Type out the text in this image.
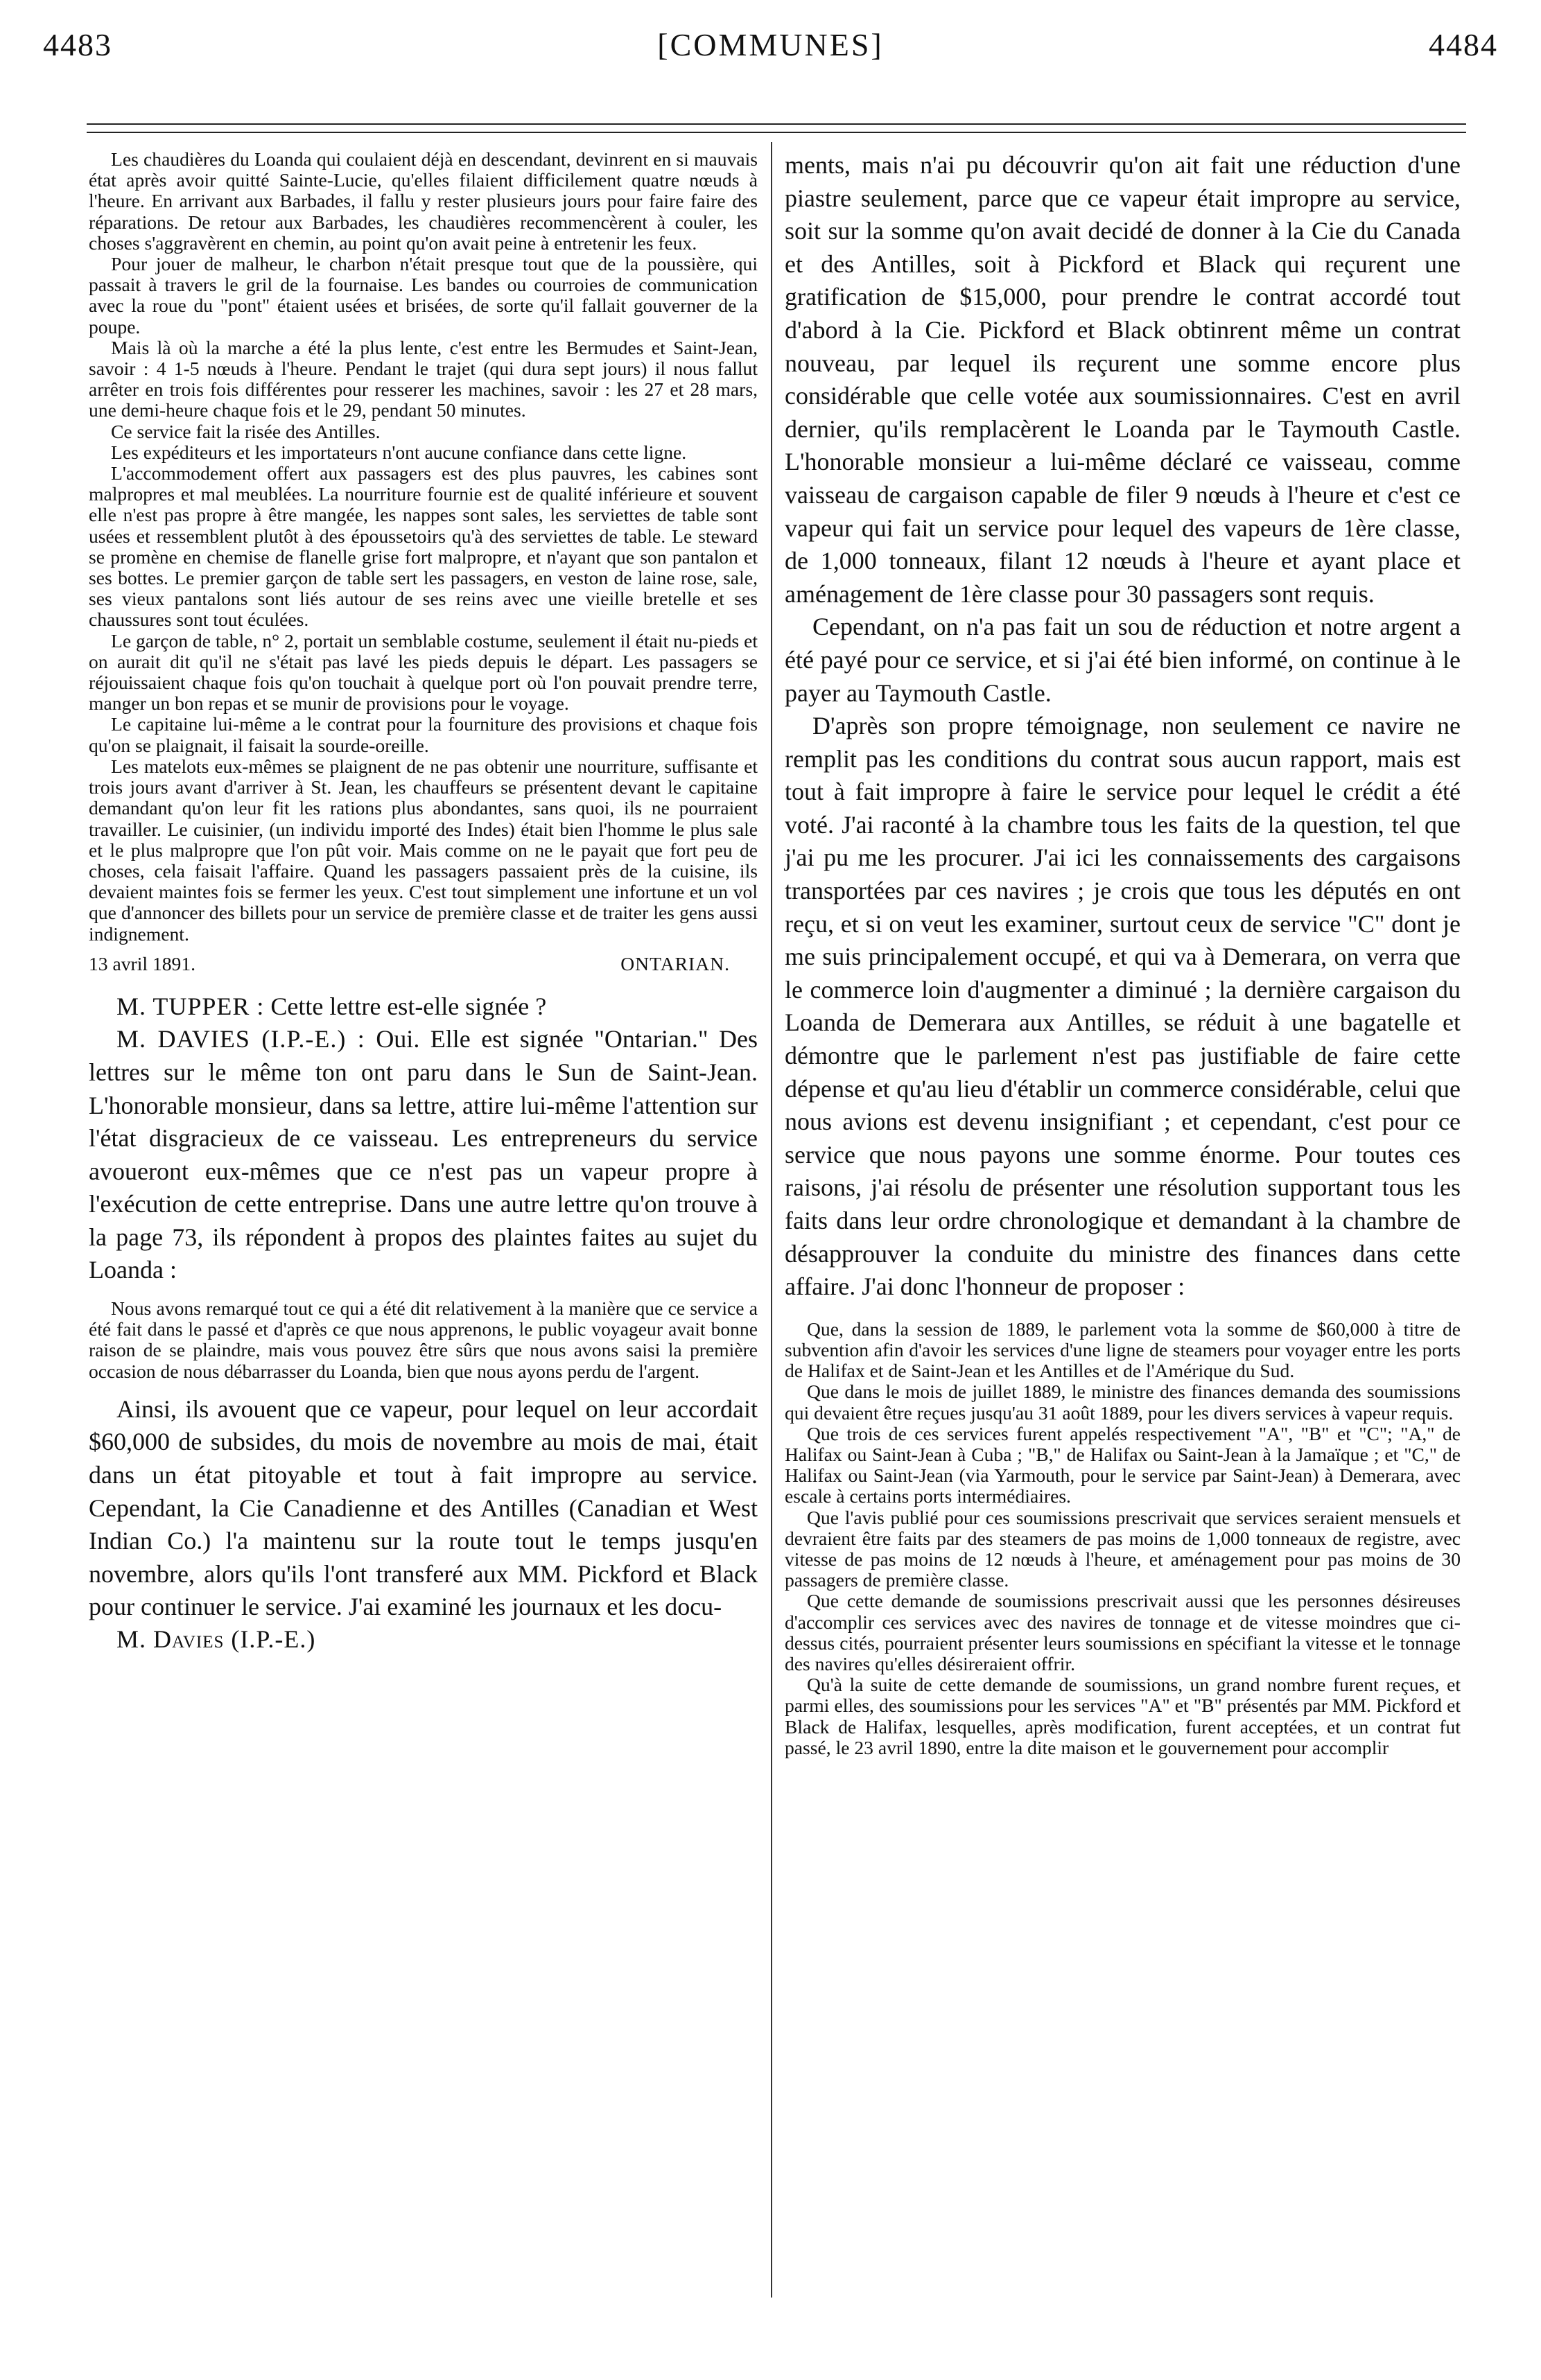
4483	[COMMUNES]	4484

Les chaudières du Loanda qui coulaient déjà en descendant, devinrent en si mauvais état après avoir quitté Sainte-Lucie, qu'elles filaient difficilement quatre nœuds à l'heure. En arrivant aux Barbades, il fallu y rester plusieurs jours pour faire faire des réparations. De retour aux Barbades, les chaudières recommencèrent à couler, les choses s'aggravèrent en chemin, au point qu'on avait peine à entretenir les feux.

Pour jouer de malheur, le charbon n'était presque tout que de la poussière, qui passait à travers le gril de la fournaise. Les bandes ou courroies de communication avec la roue du "pont" étaient usées et brisées, de sorte qu'il fallait gouverner de la poupe.

Mais là où la marche a été la plus lente, c'est entre les Bermudes et Saint-Jean, savoir : 4 1-5 nœuds à l'heure. Pendant le trajet (qui dura sept jours) il nous fallut arrêter en trois fois différentes pour resserer les machines, savoir : les 27 et 28 mars, une demi-heure chaque fois et le 29, pendant 50 minutes.

Ce service fait la risée des Antilles.

Les expéditeurs et les importateurs n'ont aucune confiance dans cette ligne.

L'accommodement offert aux passagers est des plus pauvres, les cabines sont malpropres et mal meublées. La nourriture fournie est de qualité inférieure et souvent elle n'est pas propre à être mangée, les nappes sont sales, les serviettes de table sont usées et ressemblent plutôt à des époussetoirs qu'à des serviettes de table. Le steward se promène en chemise de flanelle grise fort malpropre, et n'ayant que son pantalon et ses bottes. Le premier garçon de table sert les passagers, en veston de laine rose, sale, ses vieux pantalons sont liés autour de ses reins avec une vieille bretelle et ses chaussures sont tout éculées.

Le garçon de table, n° 2, portait un semblable costume, seulement il était nu-pieds et on aurait dit qu'il ne s'était pas lavé les pieds depuis le départ. Les passagers se réjouissaient chaque fois qu'on touchait à quelque port où l'on pouvait prendre terre, manger un bon repas et se munir de provisions pour le voyage.

Le capitaine lui-même a le contrat pour la fourniture des provisions et chaque fois qu'on se plaignait, il faisait la sourde-oreille.

Les matelots eux-mêmes se plaignent de ne pas obtenir une nourriture, suffisante et trois jours avant d'arriver à St. Jean, les chauffeurs se présentent devant le capitaine demandant qu'on leur fit les rations plus abondantes, sans quoi, ils ne pourraient travailler. Le cuisinier, (un individu importé des Indes) était bien l'homme le plus sale et le plus malpropre que l'on pût voir. Mais comme on ne le payait que fort peu de choses, cela faisait l'affaire. Quand les passagers passaient près de la cuisine, ils devaient maintes fois se fermer les yeux. C'est tout simplement une infortune et un vol que d'annoncer des billets pour un service de première classe et de traiter les gens aussi indignement.

13 avril 1891.	ONTARIAN.

M. TUPPER : Cette lettre est-elle signée ?

M. DAVIES (I.P.-E.) : Oui. Elle est signée "Ontarian." Des lettres sur le même ton ont paru dans le Sun de Saint-Jean. L'honorable monsieur, dans sa lettre, attire lui-même l'attention sur l'état disgracieux de ce vaisseau. Les entrepreneurs du service avoueront eux-mêmes que ce n'est pas un vapeur propre à l'exécution de cette entreprise. Dans une autre lettre qu'on trouve à la page 73, ils répondent à propos des plaintes faites au sujet du Loanda :

Nous avons remarqué tout ce qui a été dit relativement à la manière que ce service a été fait dans le passé et d'après ce que nous apprenons, le public voyageur avait bonne raison de se plaindre, mais vous pouvez être sûrs que nous avons saisi la première occasion de nous débarrasser du Loanda, bien que nous ayons perdu de l'argent.

Ainsi, ils avouent que ce vapeur, pour lequel on leur accordait $60,000 de subsides, du mois de novembre au mois de mai, était dans un état pitoyable et tout à fait impropre au service. Cependant, la Cie Canadienne et des Antilles (Canadian et West Indian Co.) l'a maintenu sur la route tout le temps jusqu'en novembre, alors qu'ils l'ont transferé aux MM. Pickford et Black pour continuer le service. J'ai examiné les journaux et les docu-

M. Davies (I.P.-E.)

ments, mais n'ai pu découvrir qu'on ait fait une réduction d'une piastre seulement, parce que ce vapeur était impropre au service, soit sur la somme qu'on avait decidé de donner à la Cie du Canada et des Antilles, soit à Pickford et Black qui reçurent une gratification de $15,000, pour prendre le contrat accordé tout d'abord à la Cie. Pickford et Black obtinrent même un contrat nouveau, par lequel ils reçurent une somme encore plus considérable que celle votée aux soumissionnaires. C'est en avril dernier, qu'ils remplacèrent le Loanda par le Taymouth Castle. L'honorable monsieur a lui-même déclaré ce vaisseau, comme vaisseau de cargaison capable de filer 9 nœuds à l'heure et c'est ce vapeur qui fait un service pour lequel des vapeurs de 1ère classe, de 1,000 tonneaux, filant 12 nœuds à l'heure et ayant place et aménagement de 1ère classe pour 30 passagers sont requis.

Cependant, on n'a pas fait un sou de réduction et notre argent a été payé pour ce service, et si j'ai été bien informé, on continue à le payer au Taymouth Castle.

D'après son propre témoignage, non seulement ce navire ne remplit pas les conditions du contrat sous aucun rapport, mais est tout à fait impropre à faire le service pour lequel le crédit a été voté. J'ai raconté à la chambre tous les faits de la question, tel que j'ai pu me les procurer. J'ai ici les connaissements des cargaisons transportées par ces navires ; je crois que tous les députés en ont reçu, et si on veut les examiner, surtout ceux de service "C" dont je me suis principalement occupé, et qui va à Demerara, on verra que le commerce loin d'augmenter a diminué ; la dernière cargaison du Loanda de Demerara aux Antilles, se réduit à une bagatelle et démontre que le parlement n'est pas justifiable de faire cette dépense et qu'au lieu d'établir un commerce considérable, celui que nous avions est devenu insignifiant ; et cependant, c'est pour ce service que nous payons une somme énorme. Pour toutes ces raisons, j'ai résolu de présenter une résolution supportant tous les faits dans leur ordre chronologique et demandant à la chambre de désapprouver la conduite du ministre des finances dans cette affaire. J'ai donc l'honneur de proposer :

Que, dans la session de 1889, le parlement vota la somme de $60,000 à titre de subvention afin d'avoir les services d'une ligne de steamers pour voyager entre les ports de Halifax et de Saint-Jean et les Antilles et de l'Amérique du Sud.

Que dans le mois de juillet 1889, le ministre des finances demanda des soumissions qui devaient être reçues jusqu'au 31 août 1889, pour les divers services à vapeur requis.

Que trois de ces services furent appelés respectivement "A", "B" et "C"; "A," de Halifax ou Saint-Jean à Cuba ; "B," de Halifax ou Saint-Jean à la Jamaïque ; et "C," de Halifax ou Saint-Jean (via Yarmouth, pour le service par Saint-Jean) à Demerara, avec escale à certains ports intermédiaires.

Que l'avis publié pour ces soumissions prescrivait que services seraient mensuels et devraient être faits par des steamers de pas moins de 1,000 tonneaux de registre, avec vitesse de pas moins de 12 nœuds à l'heure, et aménagement pour pas moins de 30 passagers de première classe.

Que cette demande de soumissions prescrivait aussi que les personnes désireuses d'accomplir ces services avec des navires de tonnage et de vitesse moindres que ci-dessus cités, pourraient présenter leurs soumissions en spécifiant la vitesse et le tonnage des navires qu'elles désireraient offrir.

Qu'à la suite de cette demande de soumissions, un grand nombre furent reçues, et parmi elles, des soumissions pour les services "A" et "B" présentés par MM. Pickford et Black de Halifax, lesquelles, après modification, furent acceptées, et un contrat fut passé, le 23 avril 1890, entre la dite maison et le gouvernement pour accomplir
